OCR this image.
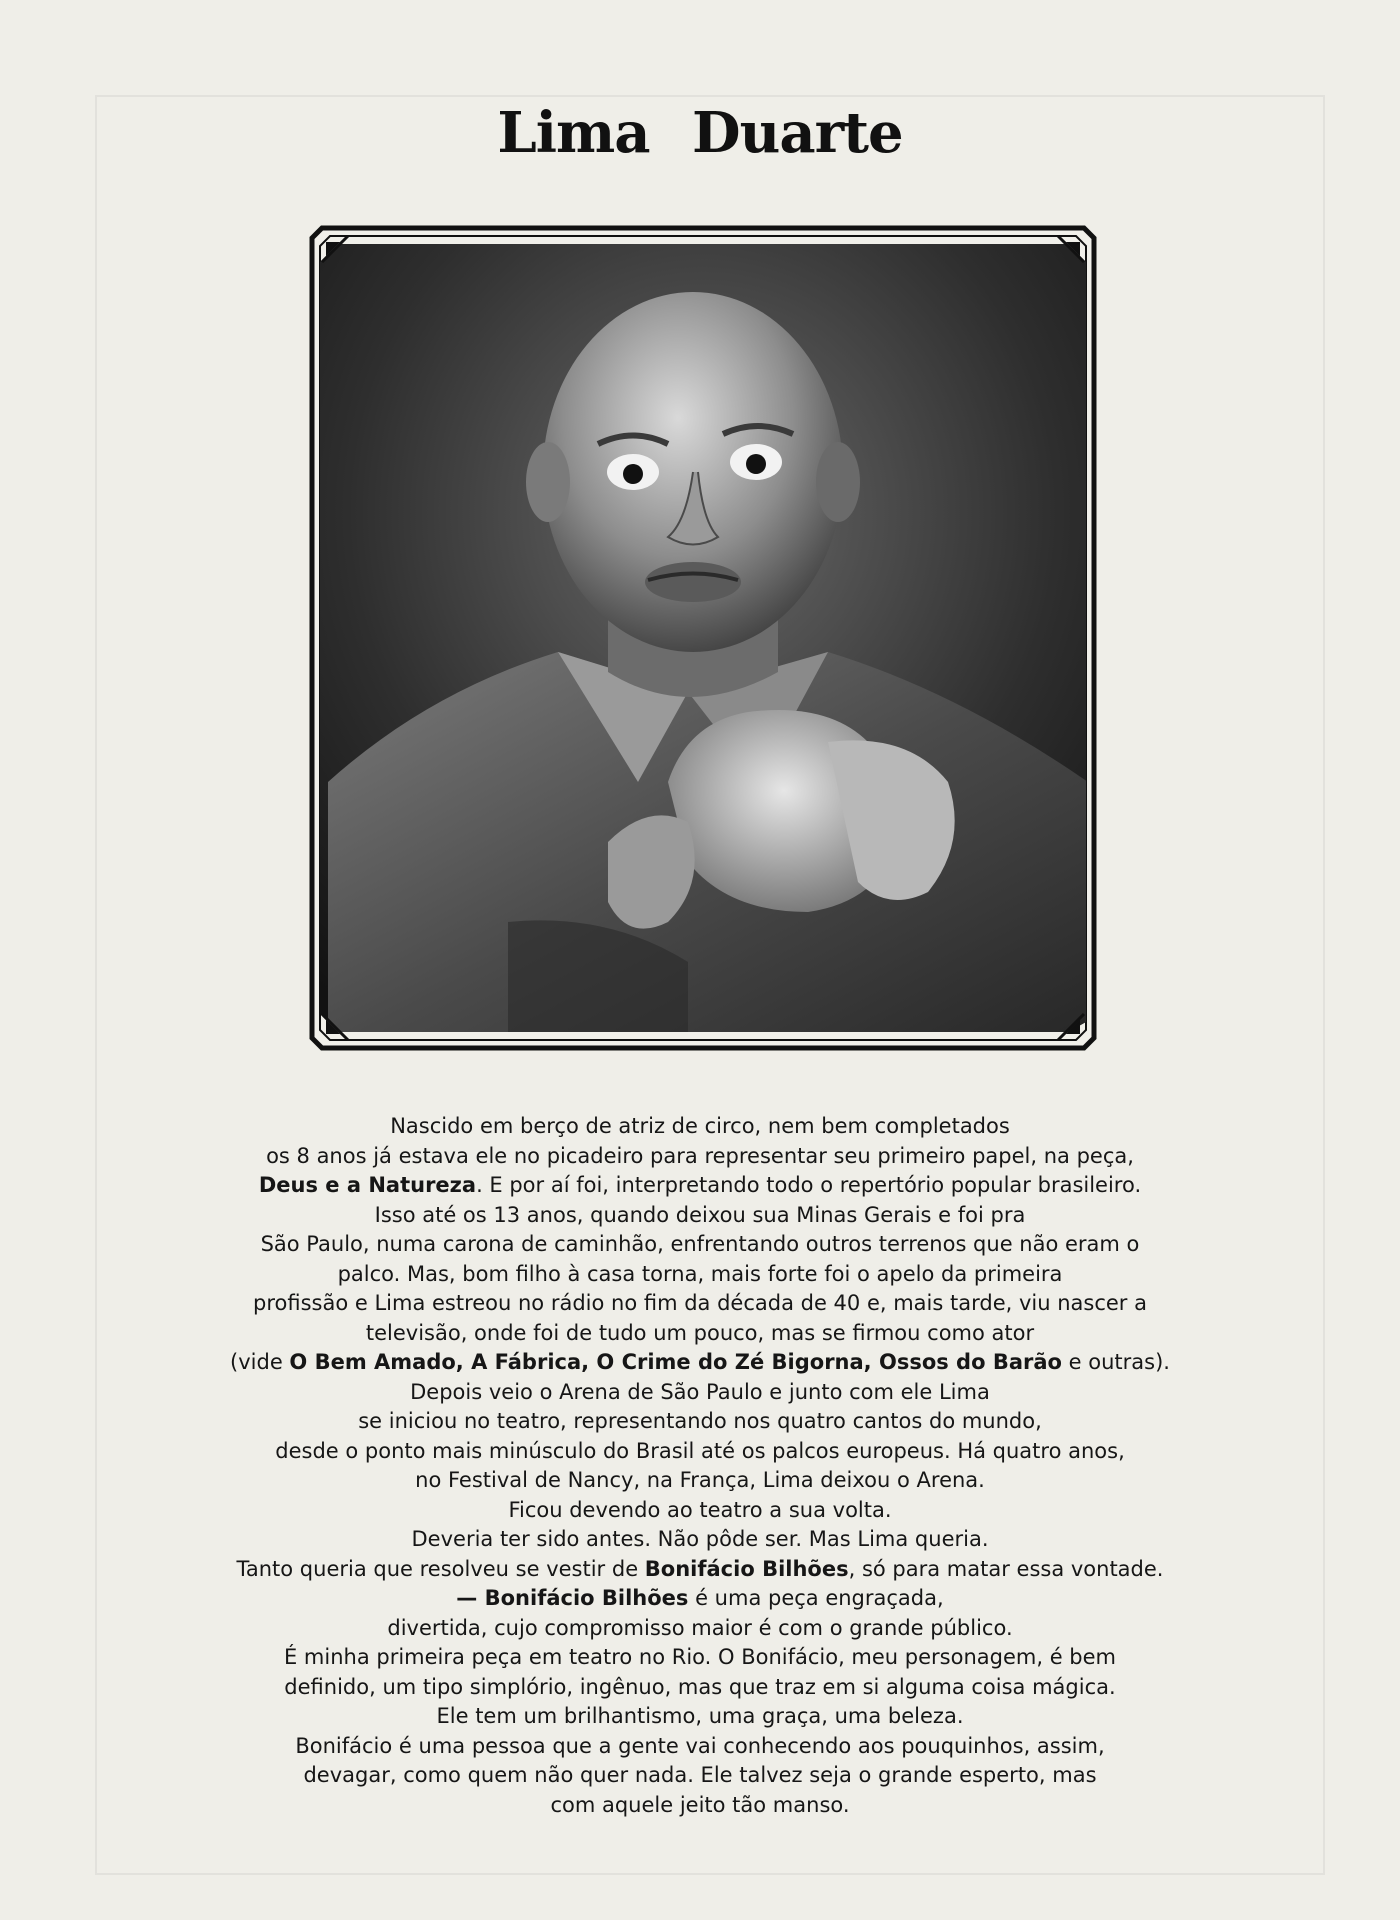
Lima Duarte

Nascido em berço de atriz de circo, nem bem completados

os 8 anos já estava ele no picadeiro para representar seu primeiro papel, na peça,

Deus e a Natureza. E por aí foi, interpretando todo o repertório popular brasileiro.

Isso até os 13 anos, quando deixou sua Minas Gerais e foi pra

São Paulo, numa carona de caminhão, enfrentando outros terrenos que não eram o

palco. Mas, bom filho à casa torna, mais forte foi o apelo da primeira

profissão e Lima estreou no rádio no fim da década de 40 e, mais tarde, viu nascer a

televisão, onde foi de tudo um pouco, mas se firmou como ator

(vide O Bem Amado, A Fábrica, O Crime do Zé Bigorna, Ossos do Barão e outras).

Depois veio o Arena de São Paulo e junto com ele Lima

se iniciou no teatro, representando nos quatro cantos do mundo,

desde o ponto mais minúsculo do Brasil até os palcos europeus. Há quatro anos,

no Festival de Nancy, na França, Lima deixou o Arena.

Ficou devendo ao teatro a sua volta.

Deveria ter sido antes. Não pôde ser. Mas Lima queria.

Tanto queria que resolveu se vestir de Bonifácio Bilhões, só para matar essa vontade.

— Bonifácio Bilhões é uma peça engraçada,

divertida, cujo compromisso maior é com o grande público.

É minha primeira peça em teatro no Rio. O Bonifácio, meu personagem, é bem

definido, um tipo simplório, ingênuo, mas que traz em si alguma coisa mágica.

Ele tem um brilhantismo, uma graça, uma beleza.

Bonifácio é uma pessoa que a gente vai conhecendo aos pouquinhos, assim,

devagar, como quem não quer nada. Ele talvez seja o grande esperto, mas

com aquele jeito tão manso.
